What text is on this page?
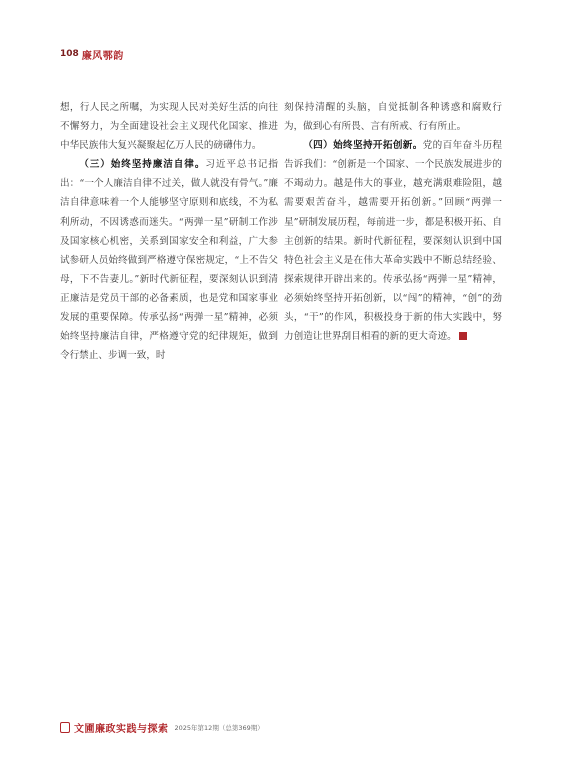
108 廉风鄂韵

想，行人民之所嘱，为实现人民对美好生活的向往不懈努力，为全面建设社会主义现代化国家、推进中华民族伟大复兴凝聚起亿万人民的磅礴伟力。

（三）始终坚持廉洁自律。习近平总书记指出：“一个人廉洁自律不过关，做人就没有骨气。”廉洁自律意味着一个人能够坚守原则和底线，不为私利所动，不因诱惑而迷失。“两弹一星”研制工作涉及国家核心机密，关系到国家安全和利益，广大参试参研人员始终做到严格遵守保密规定，“上不告父母，下不告妻儿。”新时代新征程，要深刻认识到清正廉洁是党员干部的必备素质，也是党和国家事业发展的重要保障。传承弘扬“两弹一星”精神，必须始终坚持廉洁自律，严格遵守党的纪律规矩，做到令行禁止、步调一致，时

刻保持清醒的头脑，自觉抵制各种诱惑和腐败行为，做到心有所畏、言有所戒、行有所止。

（四）始终坚持开拓创新。党的百年奋斗历程告诉我们：“创新是一个国家、一个民族发展进步的不竭动力。越是伟大的事业，越充满艰难险阻，越需要艰苦奋斗，越需要开拓创新。”回顾“两弹一星”研制发展历程，每前进一步，都是积极开拓、自主创新的结果。新时代新征程，要深刻认识到中国特色社会主义是在伟大革命实践中不断总结经验、探索规律开辟出来的。传承弘扬“两弹一星”精神，必须始终坚持开拓创新，以“闯”的精神，“创”的劲头，“干”的作风，积极投身于新的伟大实践中，努力创造让世界刮目相看的新的更大奇迹。

文圃廉政实践与探索 2025年第12期（总第369期）
